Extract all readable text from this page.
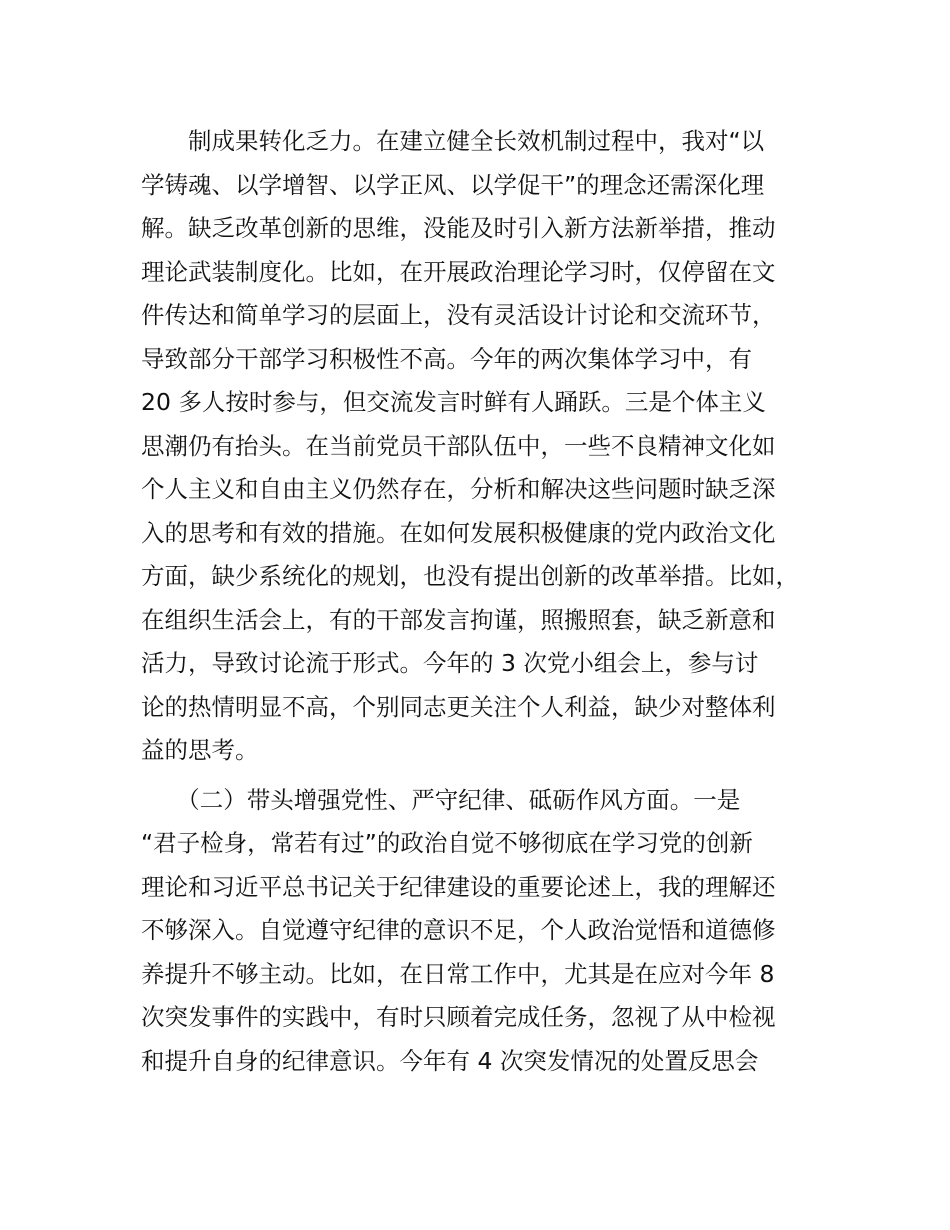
　　制成果转化乏力。在建立健全长效机制过程中，我对“以

学铸魂、以学增智、以学正风、以学促干”的理念还需深化理

解。缺乏改革创新的思维，没能及时引入新方法新举措，推动

理论武装制度化。比如，在开展政治理论学习时，仅停留在文

件传达和简单学习的层面上，没有灵活设计讨论和交流环节，

导致部分干部学习积极性不高。今年的两次集体学习中，有

20 多人按时参与，但交流发言时鲜有人踊跃。三是个体主义

思潮仍有抬头。在当前党员干部队伍中，一些不良精神文化如

个人主义和自由主义仍然存在，分析和解决这些问题时缺乏深

入的思考和有效的措施。在如何发展积极健康的党内政治文化

方面，缺少系统化的规划，也没有提出创新的改革举措。比如，

在组织生活会上，有的干部发言拘谨，照搬照套，缺乏新意和

活力，导致讨论流于形式。今年的 3 次党小组会上，参与讨

论的热情明显不高，个别同志更关注个人利益，缺少对整体利

益的思考。

　　（二）带头增强党性、严守纪律、砥砺作风方面。一是

“君子检身，常若有过”的政治自觉不够彻底在学习党的创新

理论和习近平总书记关于纪律建设的重要论述上，我的理解还

不够深入。自觉遵守纪律的意识不足，个人政治觉悟和道德修

养提升不够主动。比如，在日常工作中，尤其是在应对今年 8

次突发事件的实践中，有时只顾着完成任务，忽视了从中检视

和提升自身的纪律意识。今年有 4 次突发情况的处置反思会
